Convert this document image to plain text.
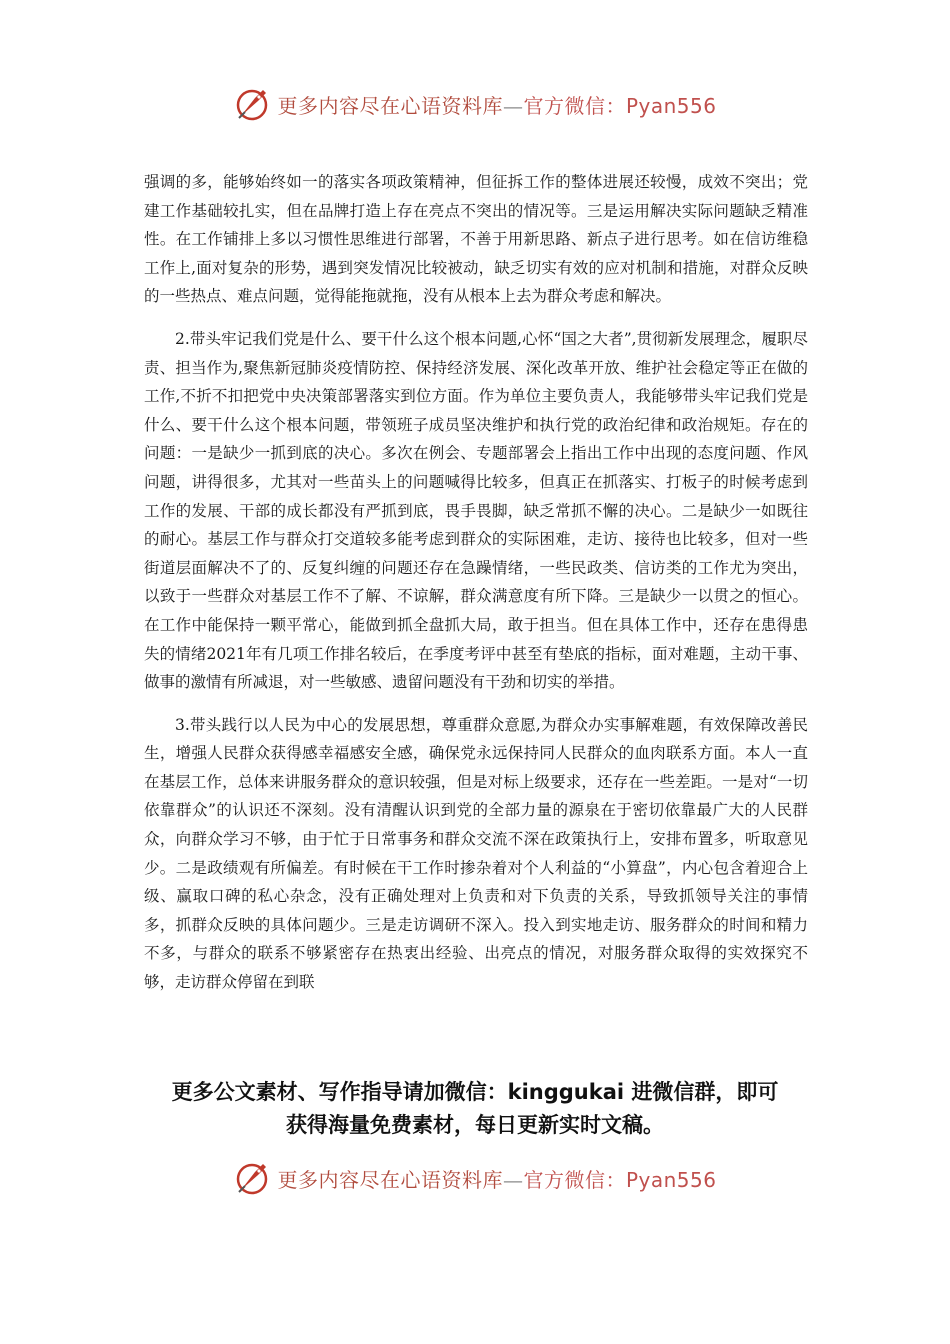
更多内容尽在心语资料库—官方微信：Pyan556

强调的多，能够始终如一的落实各项政策精神，但征拆工作的整体进展还较慢，成效不突出；党建工作基础较扎实，但在品牌打造上存在亮点不突出的情况等。三是运用解决实际问题缺乏精准性。在工作铺排上多以习惯性思维进行部署，不善于用新思路、新点子进行思考。如在信访维稳工作上,面对复杂的形势，遇到突发情况比较被动，缺乏切实有效的应对机制和措施，对群众反映的一些热点、难点问题，觉得能拖就拖，没有从根本上去为群众考虑和解决。

2.带头牢记我们党是什么、要干什么这个根本问题,心怀“国之大者”,贯彻新发展理念，履职尽责、担当作为,聚焦新冠肺炎疫情防控、保持经济发展、深化改革开放、维护社会稳定等正在做的工作,不折不扣把党中央决策部署落实到位方面。作为单位主要负责人，我能够带头牢记我们党是什么、要干什么这个根本问题，带领班子成员坚决维护和执行党的政治纪律和政治规矩。存在的问题：一是缺少一抓到底的决心。多次在例会、专题部署会上指出工作中出现的态度问题、作风问题，讲得很多，尤其对一些苗头上的问题喊得比较多，但真正在抓落实、打板子的时候考虑到工作的发展、干部的成长都没有严抓到底，畏手畏脚，缺乏常抓不懈的决心。二是缺少一如既往的耐心。基层工作与群众打交道较多能考虑到群众的实际困难，走访、接待也比较多，但对一些街道层面解决不了的、反复纠缠的问题还存在急躁情绪，一些民政类、信访类的工作尤为突出，以致于一些群众对基层工作不了解、不谅解，群众满意度有所下降。三是缺少一以贯之的恒心。在工作中能保持一颗平常心，能做到抓全盘抓大局，敢于担当。但在具体工作中，还存在患得患失的情绪2021年有几项工作排名较后，在季度考评中甚至有垫底的指标，面对难题，主动干事、做事的激情有所减退，对一些敏感、遗留问题没有干劲和切实的举措。

3.带头践行以人民为中心的发展思想，尊重群众意愿,为群众办实事解难题，有效保障改善民生，增强人民群众获得感幸福感安全感，确保党永远保持同人民群众的血肉联系方面。本人一直在基层工作，总体来讲服务群众的意识较强，但是对标上级要求，还存在一些差距。一是对“一切依靠群众”的认识还不深刻。没有清醒认识到党的全部力量的源泉在于密切依靠最广大的人民群众，向群众学习不够，由于忙于日常事务和群众交流不深在政策执行上，安排布置多，听取意见少。二是政绩观有所偏差。有时候在干工作时掺杂着对个人利益的“小算盘”，内心包含着迎合上级、赢取口碑的私心杂念，没有正确处理对上负责和对下负责的关系，导致抓领导关注的事情多，抓群众反映的具体问题少。三是走访调研不深入。投入到实地走访、服务群众的时间和精力不多，与群众的联系不够紧密存在热衷出经验、出亮点的情况，对服务群众取得的实效探究不够，走访群众停留在到联

更多公文素材、写作指导请加微信：kinggukai 进微信群，即可
获得海量免费素材，每日更新实时文稿。
更多内容尽在心语资料库—官方微信：Pyan556
